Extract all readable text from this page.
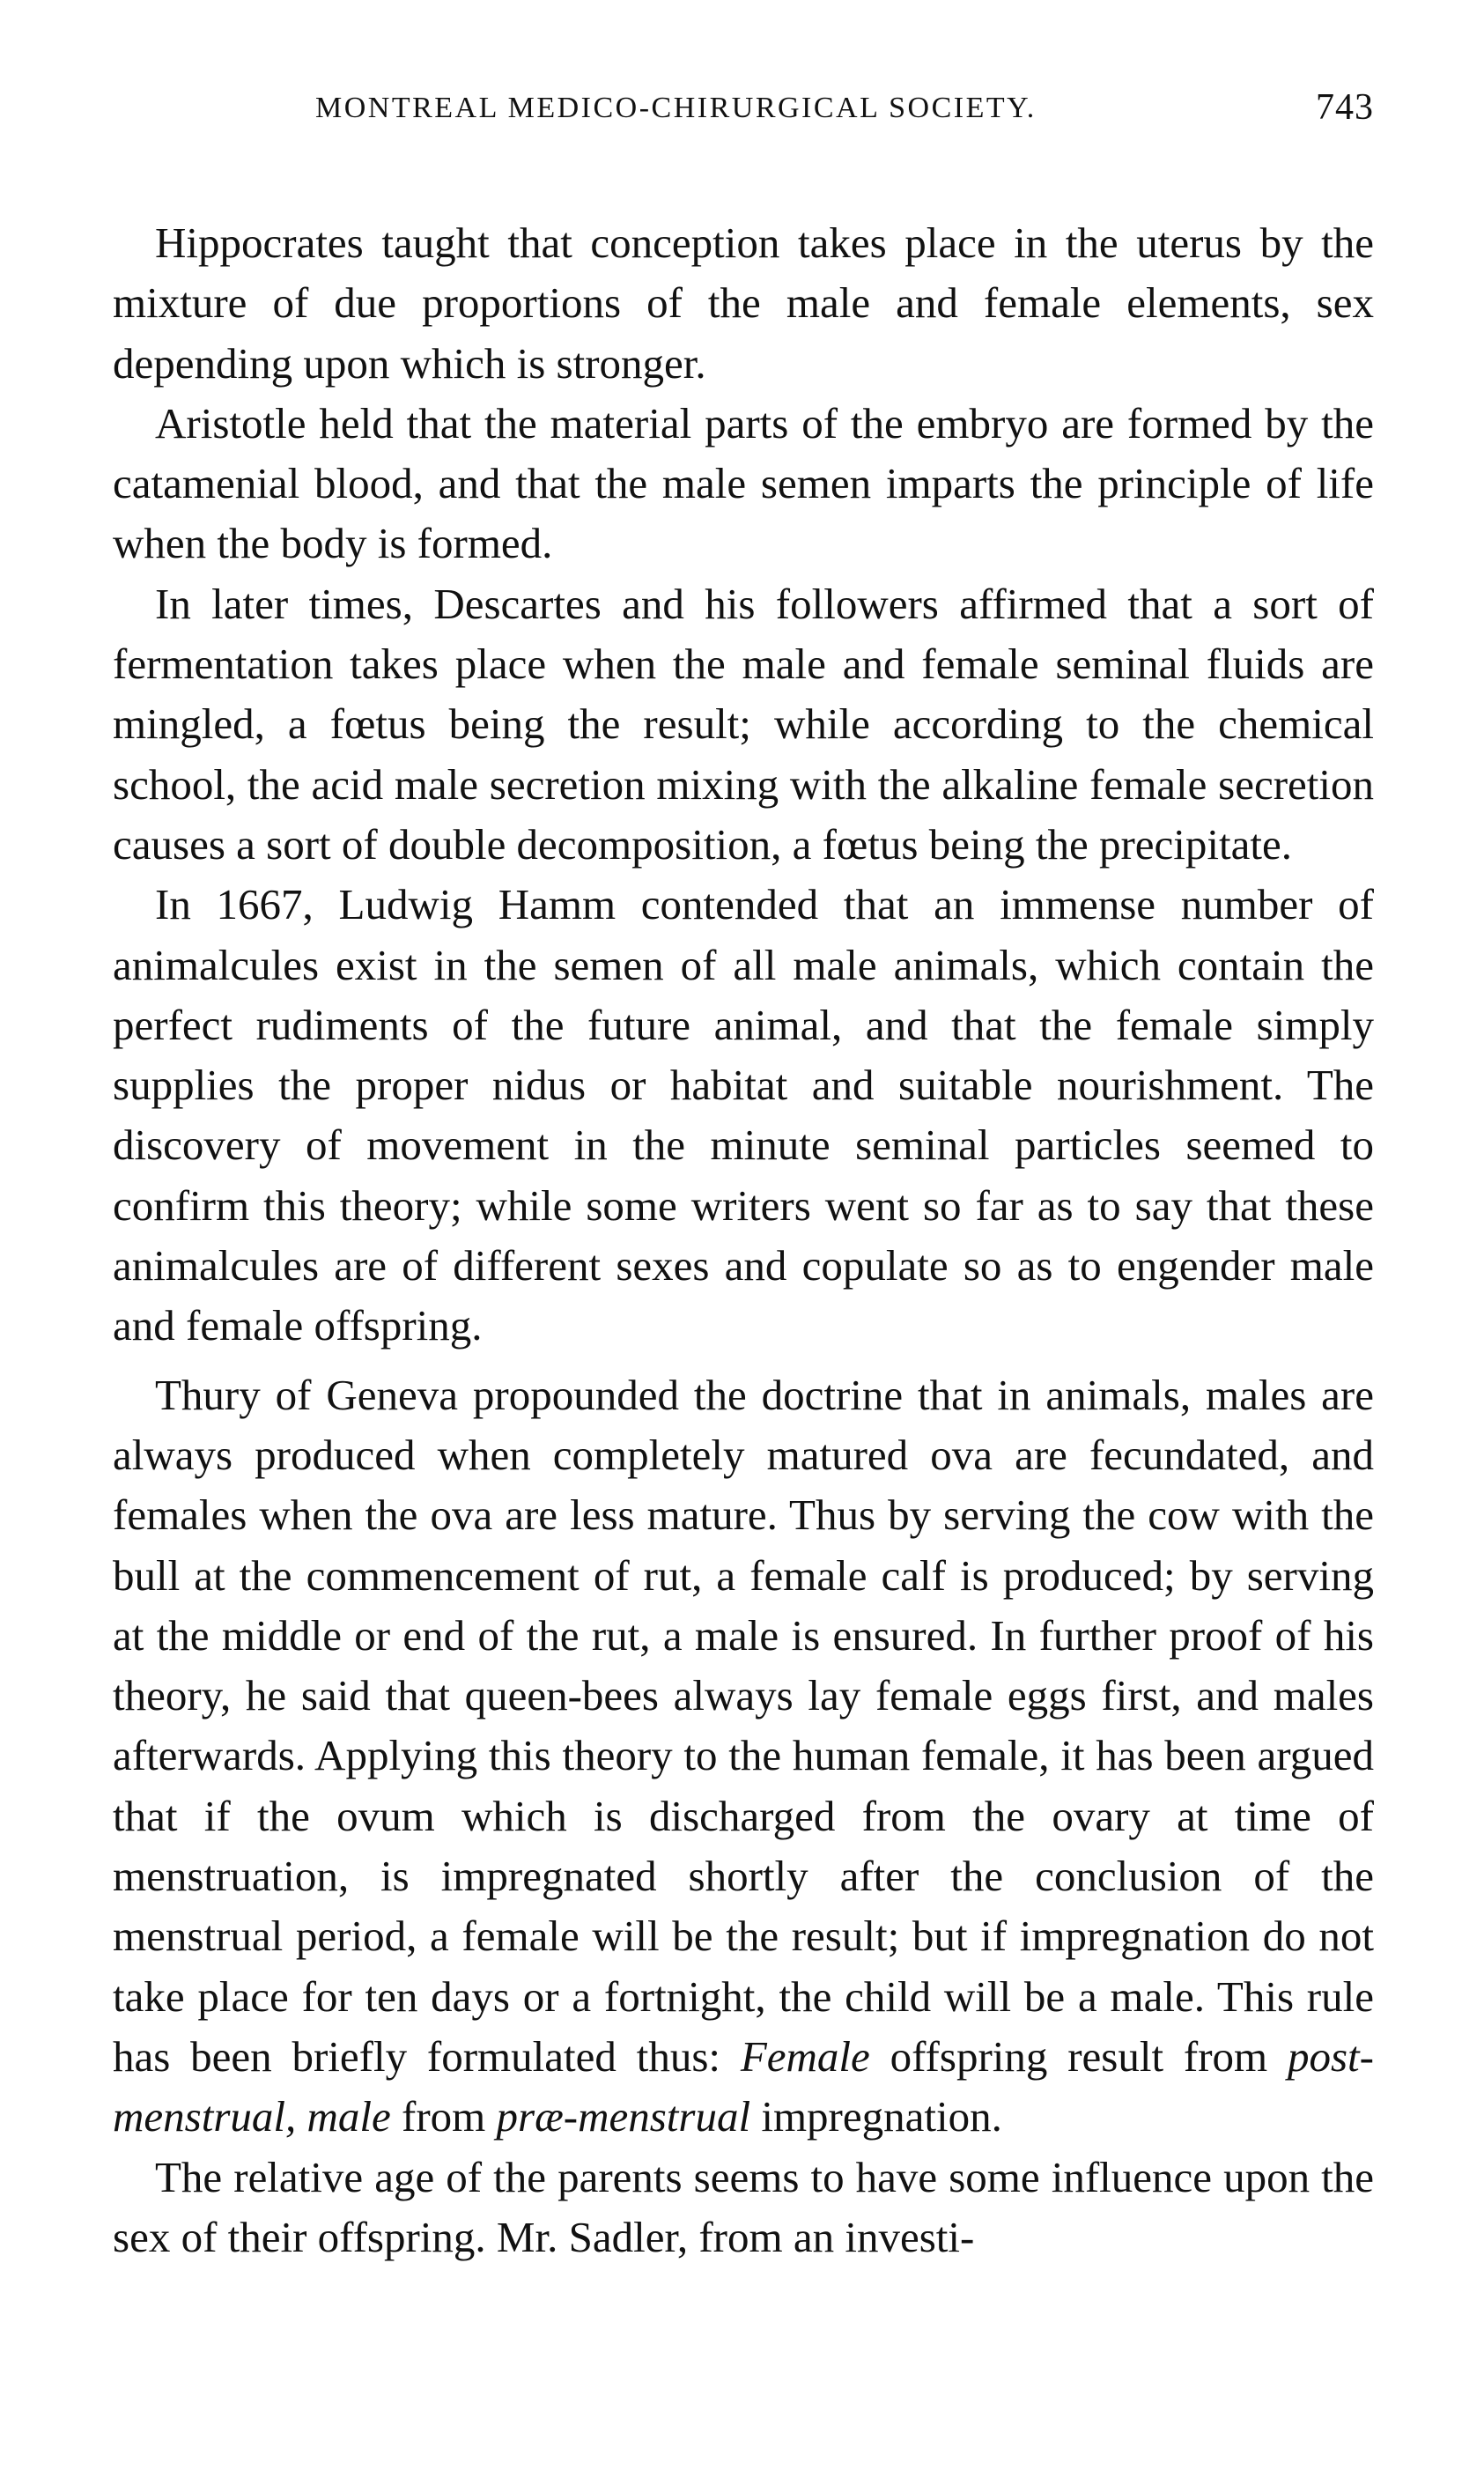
MONTREAL MEDICO-CHIRURGICAL SOCIETY.	743

Hippocrates taught that conception takes place in the uterus by the mixture of due proportions of the male and female elements, sex depending upon which is stronger.

Aristotle held that the material parts of the embryo are formed by the catamenial blood, and that the male semen imparts the principle of life when the body is formed.

In later times, Descartes and his followers affirmed that a sort of fermentation takes place when the male and female seminal fluids are mingled, a fœtus being the result; while according to the chemical school, the acid male secretion mixing with the alkaline female secretion causes a sort of double decomposition, a fœtus being the precipitate.

In 1667, Ludwig Hamm contended that an immense number of animalcules exist in the semen of all male animals, which contain the perfect rudiments of the future animal, and that the female simply supplies the proper nidus or habitat and suitable nourishment. The discovery of movement in the minute seminal particles seemed to confirm this theory; while some writers went so far as to say that these animalcules are of different sexes and copulate so as to engender male and female offspring.

Thury of Geneva propounded the doctrine that in animals, males are always produced when completely matured ova are fecundated, and females when the ova are less mature. Thus by serving the cow with the bull at the commencement of rut, a female calf is produced; by serving at the middle or end of the rut, a male is ensured. In further proof of his theory, he said that queen-bees always lay female eggs first, and males afterwards. Applying this theory to the human female, it has been argued that if the ovum which is discharged from the ovary at time of menstruation, is impregnated shortly after the conclusion of the menstrual period, a female will be the result; but if impregnation do not take place for ten days or a fortnight, the child will be a male. This rule has been briefly formulated thus: Female offspring result from post-menstrual, male from præ-menstrual impregnation.

The relative age of the parents seems to have some influence upon the sex of their offspring. Mr. Sadler, from an investi-
